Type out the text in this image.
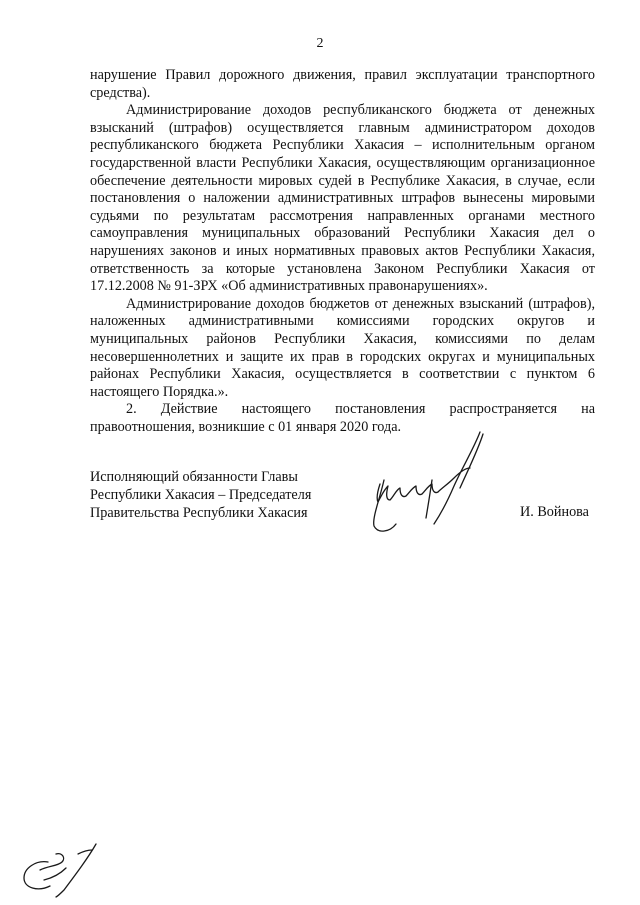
2

нарушение Правил дорожного движения, правил эксплуатации транспортного средства).

Администрирование доходов республиканского бюджета от денежных взысканий (штрафов) осуществляется главным администратором доходов республиканского бюджета Республики Хакасия – исполнительным органом государственной власти Республики Хакасия, осуществляющим организационное обеспечение деятельности мировых судей в Республике Хакасия, в случае, если постановления о наложении административных штрафов вынесены мировыми судьями по результатам рассмотрения направленных органами местного самоуправления муниципальных образований Республики Хакасия дел о нарушениях законов и иных нормативных правовых актов Республики Хакасия, ответственность за которые установлена Законом Республики Хакасия от 17.12.2008 № 91-ЗРХ «Об административных правонарушениях».

Администрирование доходов бюджетов от денежных взысканий (штрафов), наложенных административными комиссиями городских округов и муниципальных районов Республики Хакасия, комиссиями по делам несовершеннолетних и защите их прав в городских округах и муниципальных районах Республики Хакасия, осуществляется в соответствии с пунктом 6 настоящего Порядка.».

2. Действие настоящего постановления распространяется на правоотношения, возникшие с 01 января 2020 года.

Исполняющий обязанности Главы
Республики Хакасия – Председателя
Правительства Республики Хакасия	И. Войнова
